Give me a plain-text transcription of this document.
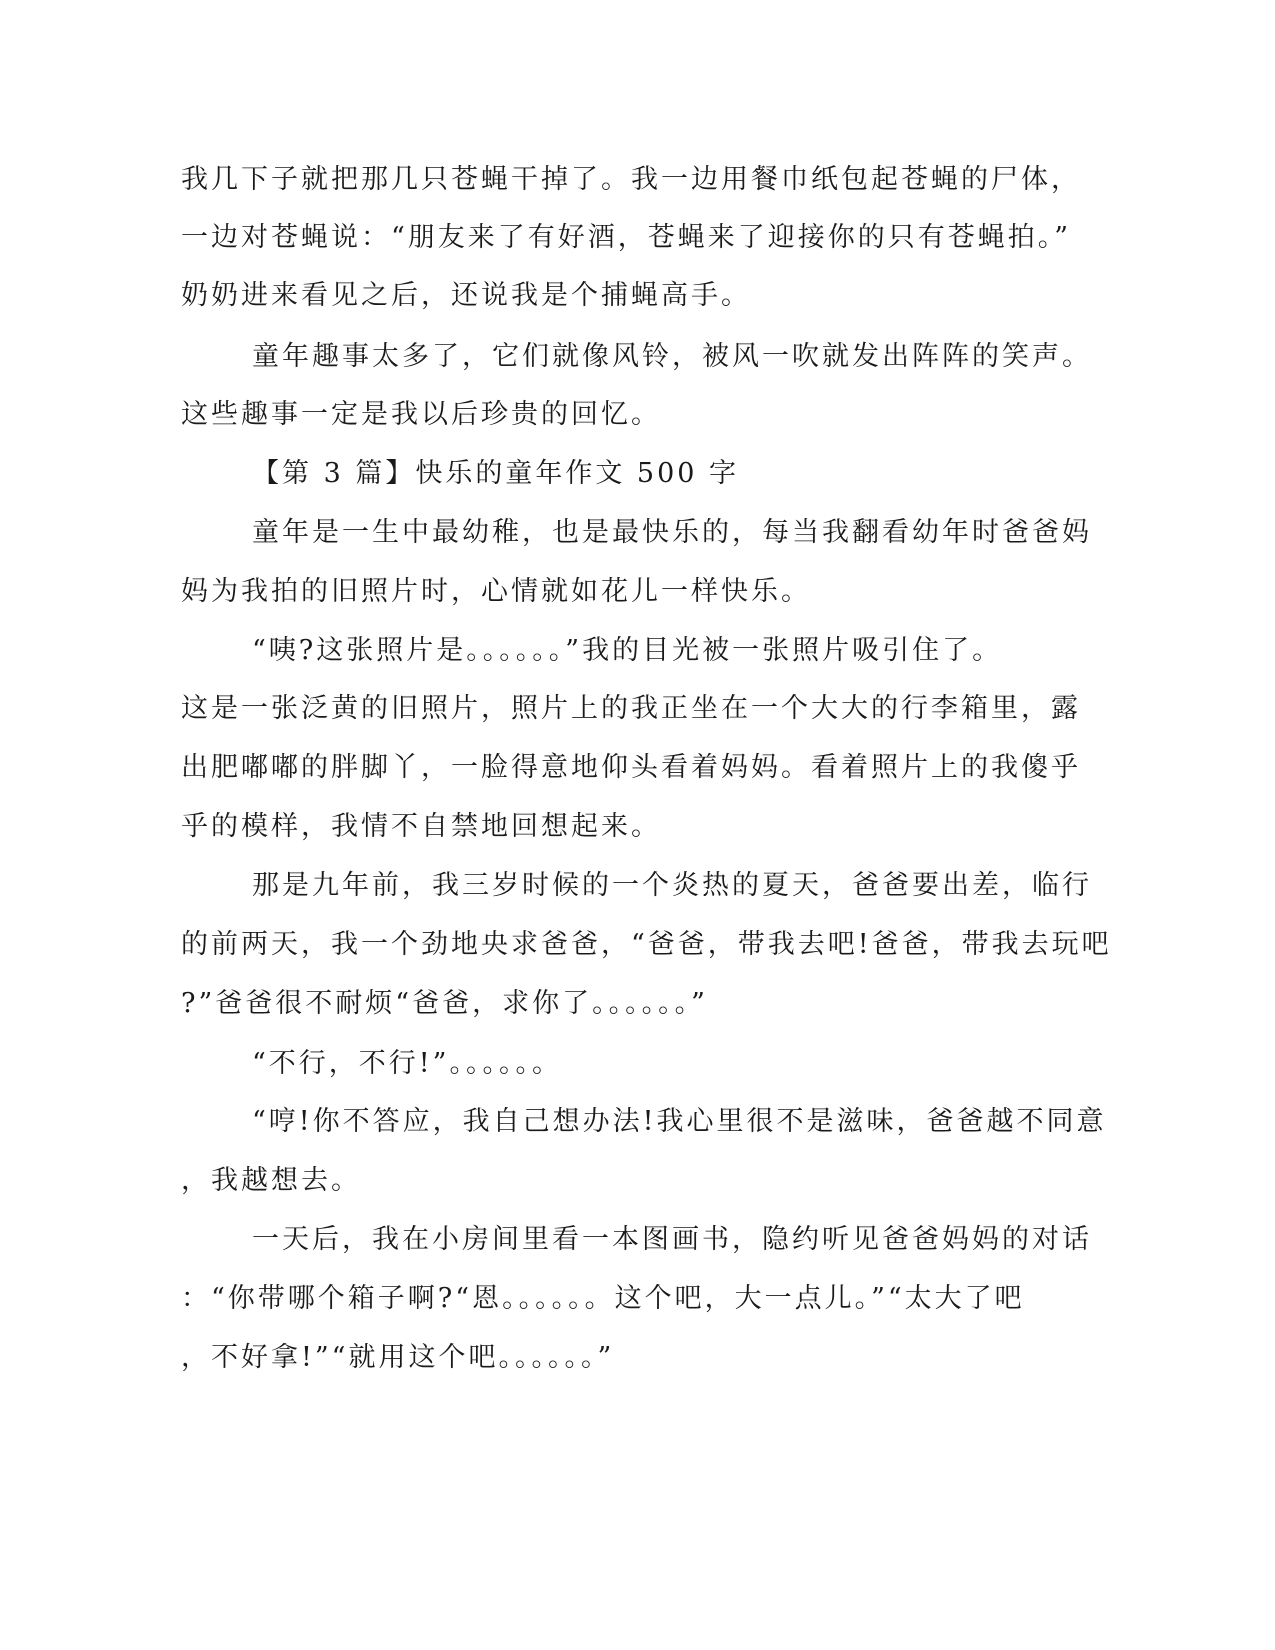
我几下子就把那几只苍蝇干掉了。我一边用餐巾纸包起苍蝇的尸体，
一边对苍蝇说：“朋友来了有好酒，苍蝇来了迎接你的只有苍蝇拍。”
奶奶进来看见之后，还说我是个捕蝇高手。
童年趣事太多了，它们就像风铃，被风一吹就发出阵阵的笑声。
这些趣事一定是我以后珍贵的回忆。
【第 3 篇】快乐的童年作文 500 字
童年是一生中最幼稚，也是最快乐的，每当我翻看幼年时爸爸妈
妈为我拍的旧照片时，心情就如花儿一样快乐。
“咦?这张照片是。。。。。。”我的目光被一张照片吸引住了。
这是一张泛黄的旧照片，照片上的我正坐在一个大大的行李箱里，露
出肥嘟嘟的胖脚丫，一脸得意地仰头看着妈妈。看着照片上的我傻乎
乎的模样，我情不自禁地回想起来。
那是九年前，我三岁时候的一个炎热的夏天，爸爸要出差，临行
的前两天，我一个劲地央求爸爸，“爸爸，带我去吧!爸爸，带我去玩吧
?”爸爸很不耐烦“爸爸，求你了。。。。。。”
“不行，不行!”。。。。。。
“哼!你不答应，我自己想办法!我心里很不是滋味，爸爸越不同意
，我越想去。
一天后，我在小房间里看一本图画书，隐约听见爸爸妈妈的对话
：“你带哪个箱子啊?“恩。。。。。。这个吧，大一点儿。”“太大了吧
，不好拿!”“就用这个吧。。。。。。”
